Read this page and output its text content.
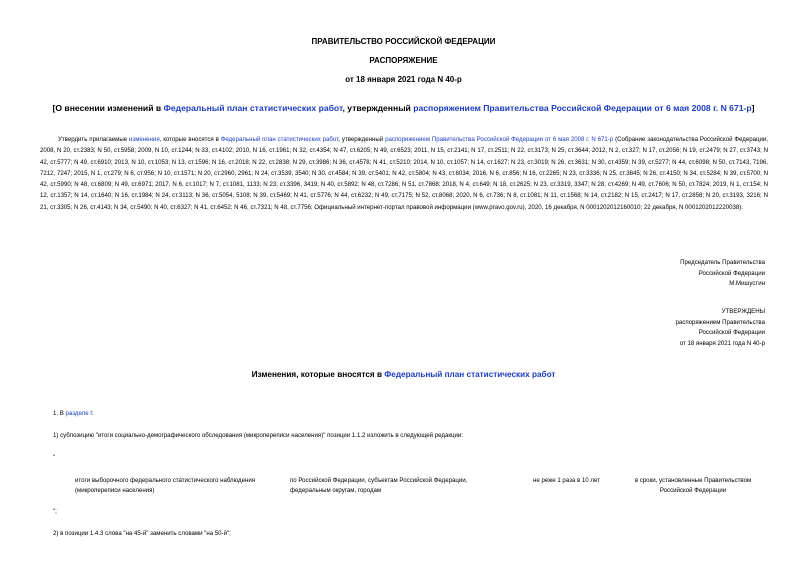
ПРАВИТЕЛЬСТВО РОССИЙСКОЙ ФЕДЕРАЦИИ
РАСПОРЯЖЕНИЕ
от 18 января 2021 года N 40-р
[О внесении изменений в Федеральный план статистических работ, утвержденный распоряжением Правительства Российской Федерации от 6 мая 2008 г. N 671-р]
Утвердить прилагаемые изменения, которые вносятся в Федеральный план статистических работ, утвержденный распоряжением Правительства Российской Федерации от 6 мая 2008 г. N 671-р (Собрание законодательства Российской Федерации, 2008, N 20, ст.2383; N 50, ст.5958; 2009, N 10, ст.1244; N 33, ст.4102; 2010, N 16, ст.1961; N 32, ст.4354; N 47, ст.6205; N 49, ст.6523; 2011, N 15, ст.2141; N 17, ст.2511; N 22, ст.3173; N 25, ст.3644; 2012, N 2, ст.327; N 17, ст.2056; N 19, ст.2479; N 27, ст.3743; N 42, ст.5777; N 49, ст.6910; 2013, N 10, ст.1053; N 13, ст.1596; N 16, ст.2018; N 22, ст.2838; N 29, ст.3986; N 36, ст.4578; N 41, ст.5210; 2014, N 10, ст.1057; N 14, ст.1627; N 23, ст.3019; N 26, ст.3631; N 30, ст.4359; N 39, ст.5277; N 44, ст.6098; N 50, ст.7143, 7196, 7212, 7247; 2015, N 1, ст.279; N 6, ст.956; N 10, ст.1571; N 20, ст.2960, 2961; N 24, ст.3539, 3540; N 30, ст.4584; N 39, ст.5401; N 42, ст.5804; N 43, ст.6034; 2016, N 6, ст.856; N 16, ст.2265; N 23, ст.3336; N 25, ст.3845; N 26, ст.4150; N 34, ст.5284; N 39, ст.5700; N 42, ст.5990; N 48, ст.6809; N 49, ст.6971; 2017, N 6, ст.1017; N 7, ст.1081, 1133; N 23, ст.3396, 3419; N 40, ст.5892; N 48, ст.7286; N 51, ст.7868; 2018, N 4, ст.649; N 18, ст.2625; N 23, ст.3319, 3347; N 28, ст.4269; N 49, ст.7606; N 50, ст.7824; 2019, N 1, ст.154; N 12, ст.1357; N 14, ст.1640; N 16, ст.1984; N 24, ст.3113; N 36, ст.5054, 5108; N 39, ст.5469; N 41, ст.5776; N 44, ст.6232; N 49, ст.7175; N 52, ст.8068; 2020, N 6, ст.736; N 8, ст.1081; N 11, ст.1568; N 14, ст.2182; N 15, ст.2417; N 17, ст.2858; N 20, ст.3193, 3216; N 21, ст.3305; N 26, ст.4143; N 34, ст.5490; N 40, ст.6327; N 41, ст.6452; N 46, ст.7321; N 48, ст.7756; Официальный интернет-портал правовой информации (www.pravo.gov.ru), 2020, 16 декабря, N 0001202012160010; 22 декабря, N 0001202012220038).
Председатель Правительства
Российской Федерации
М.Мишустин
УТВЕРЖДЕНЫ
распоряжением Правительства
Российской Федерации
от 18 января 2021 года N 40-р
Изменения, которые вносятся в Федеральный план статистических работ
1. В разделе I:
1) субпозицию "итоги социально-демографического обследования (микропереписи населения)" позиции 1.1.2 изложить в следующей редакции:
"
итоги выборочного федерального статистического наблюдения (микропереписи населения)
по Российской Федерации, субъектам Российской Федерации, федеральным округам, городам
не реже 1 раза в 10 лет	в сроки, установленные Правительством Российской Федерации
";
2) в позиции 1.4.3 слова "на 45-й" заменить словами "на 50-й";
